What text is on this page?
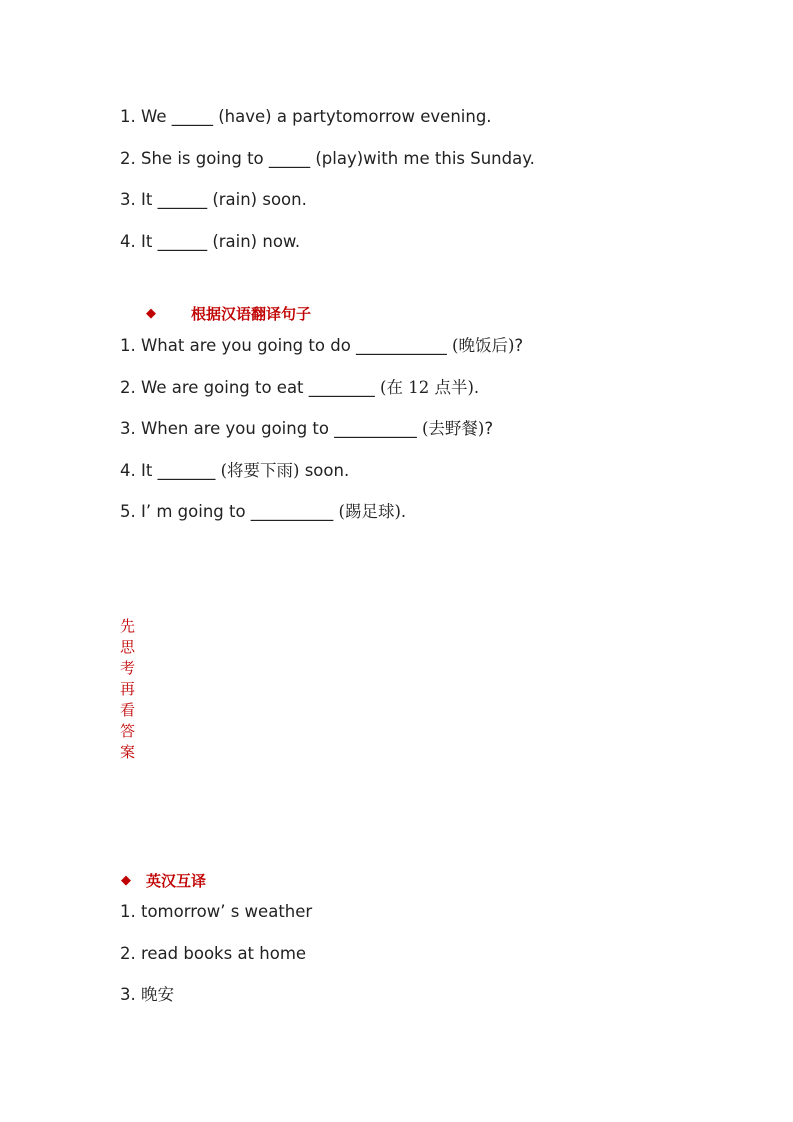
1. We _____ (have) a partytomorrow evening.
2. She is going to _____ (play)with me this Sunday.
3. It ______ (rain) soon.
4. It ______ (rain) now.
◆ 根据汉语翻译句子
1. What are you going to do ___________ (晚饭后)?
2. We are going to eat ________ (在 12 点半).
3. When are you going to __________ (去野餐)?
4. It _______ (将要下雨) soon.
5. I’ m going to __________ (踢足球).
先思考再看答案
◆ 英汉互译
1. tomorrow’ s weather
2. read books at home
3. 晚安
